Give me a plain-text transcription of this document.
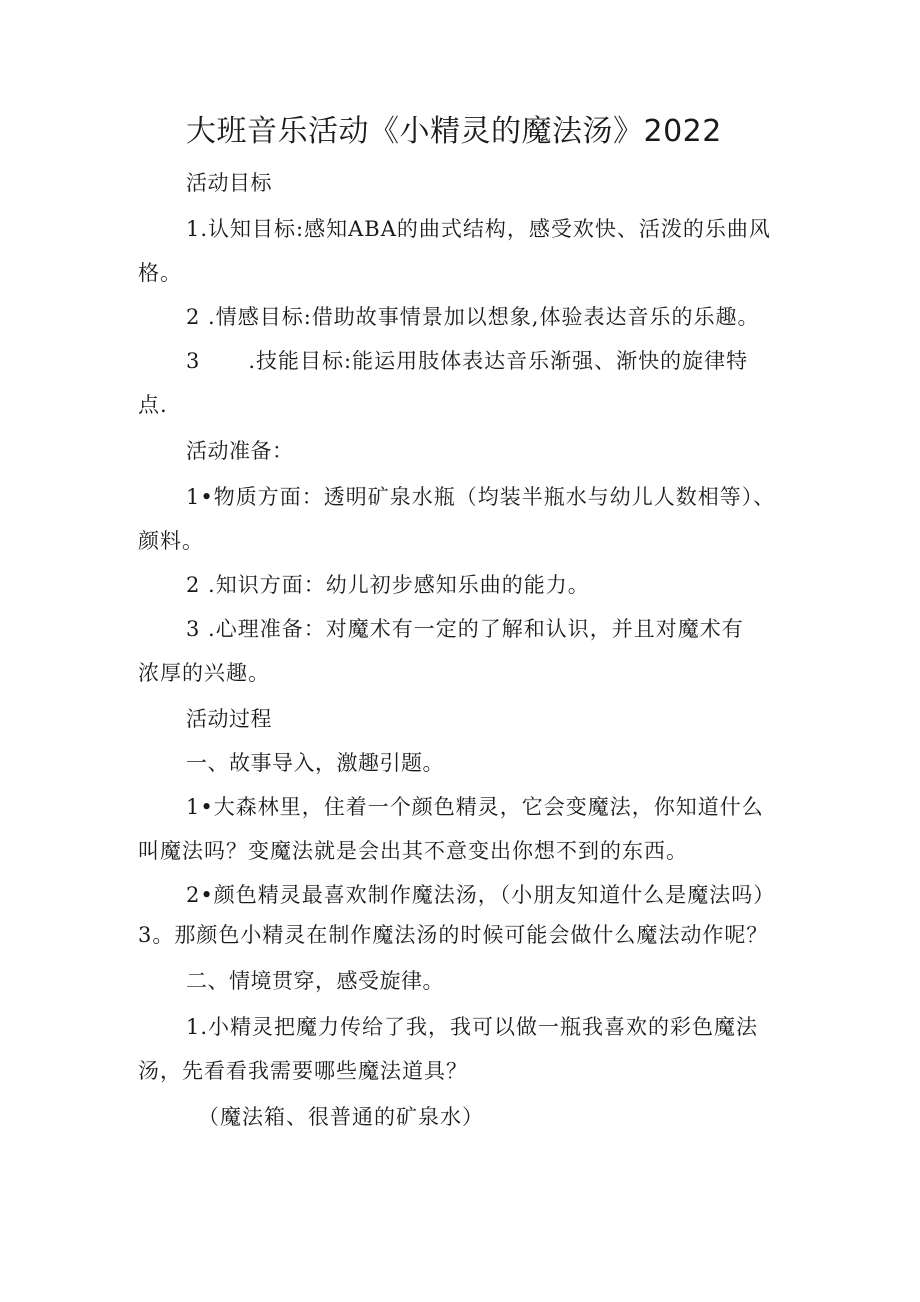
大班音乐活动《小精灵的魔法汤》2022
活动目标
1.认知目标:感知ABA的曲式结构，感受欢快、活泼的乐曲风
格。
2 .情感目标:借助故事情景加以想象,体验表达音乐的乐趣。
3 .技能目标:能运用肢体表达音乐渐强、渐快的旋律特
点.
活动准备：
1•物质方面：透明矿泉水瓶（均装半瓶水与幼儿人数相等）、
颜料。
2 .知识方面：幼儿初步感知乐曲的能力。
3 .心理准备：对魔术有一定的了解和认识，并且对魔术有
浓厚的兴趣。
活动过程
一、故事导入，激趣引题。
1•大森林里，住着一个颜色精灵，它会变魔法，你知道什么
叫魔法吗？变魔法就是会出其不意变出你想不到的东西。
2•颜色精灵最喜欢制作魔法汤，（小朋友知道什么是魔法吗）
3。那颜色小精灵在制作魔法汤的时候可能会做什么魔法动作呢？
二、情境贯穿，感受旋律。
1.小精灵把魔力传给了我，我可以做一瓶我喜欢的彩色魔法
汤，先看看我需要哪些魔法道具？
（魔法箱、很普通的矿泉水）
